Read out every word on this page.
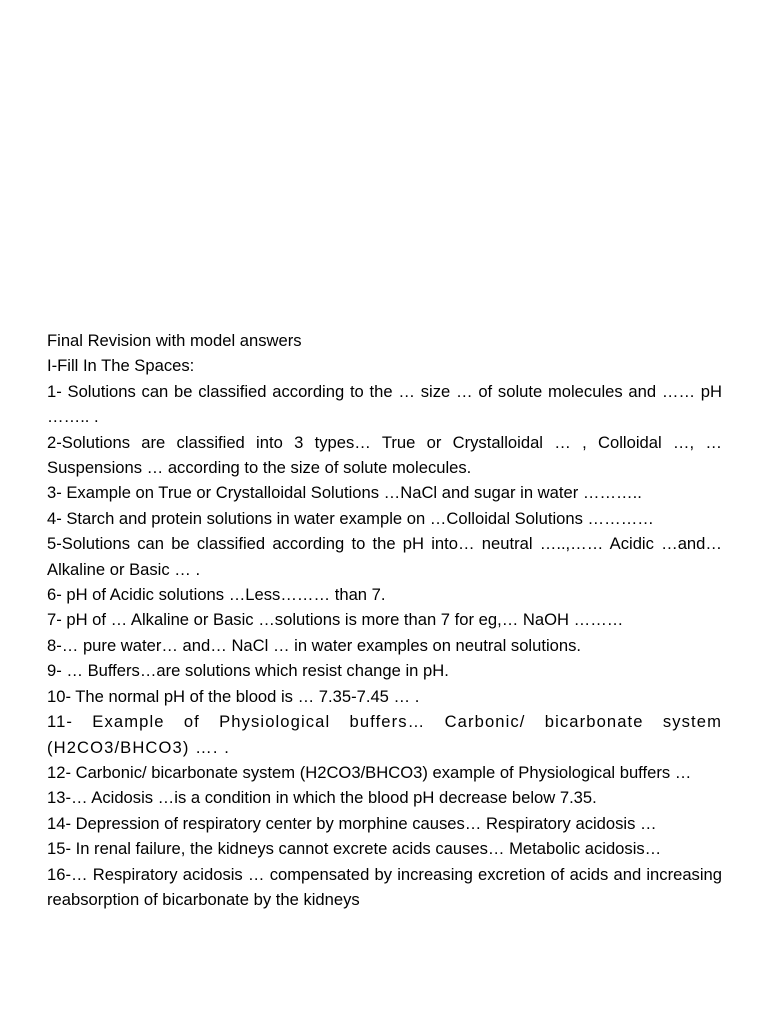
Final Revision with model answers

I-Fill In The Spaces:

1- Solutions can be classified according to the … size … of solute molecules and …… pH …….. .

2-Solutions are classified into 3 types… True or Crystalloidal … , Colloidal …, … Suspensions … according to the size of solute molecules.

3- Example on True or Crystalloidal Solutions …NaCl and sugar in water ………..

4- Starch and protein solutions in water example on …Colloidal Solutions …………

5-Solutions can be classified according to the pH into… neutral …..,…… Acidic …and… Alkaline or Basic … .

6- pH of Acidic solutions …Less……… than 7.

7- pH of … Alkaline or Basic …solutions is more than 7 for eg,… NaOH ………

8-… pure water… and… NaCl … in water examples on neutral solutions.

9- … Buffers…are solutions which resist change in pH.

10- The normal pH of the blood is … 7.35-7.45 … .

11- Example of Physiological buffers… Carbonic/ bicarbonate system (H2CO3/BHCO3) …. .

12- Carbonic/ bicarbonate system (H2CO3/BHCO3) example of Physiological buffers …

13-… Acidosis …is a condition in which the blood pH decrease below 7.35.

14- Depression of respiratory center by morphine causes… Respiratory acidosis …

15- In renal failure, the kidneys cannot excrete acids causes… Metabolic acidosis…

16-… Respiratory acidosis … compensated by increasing excretion of acids and increasing reabsorption of bicarbonate by the kidneys
